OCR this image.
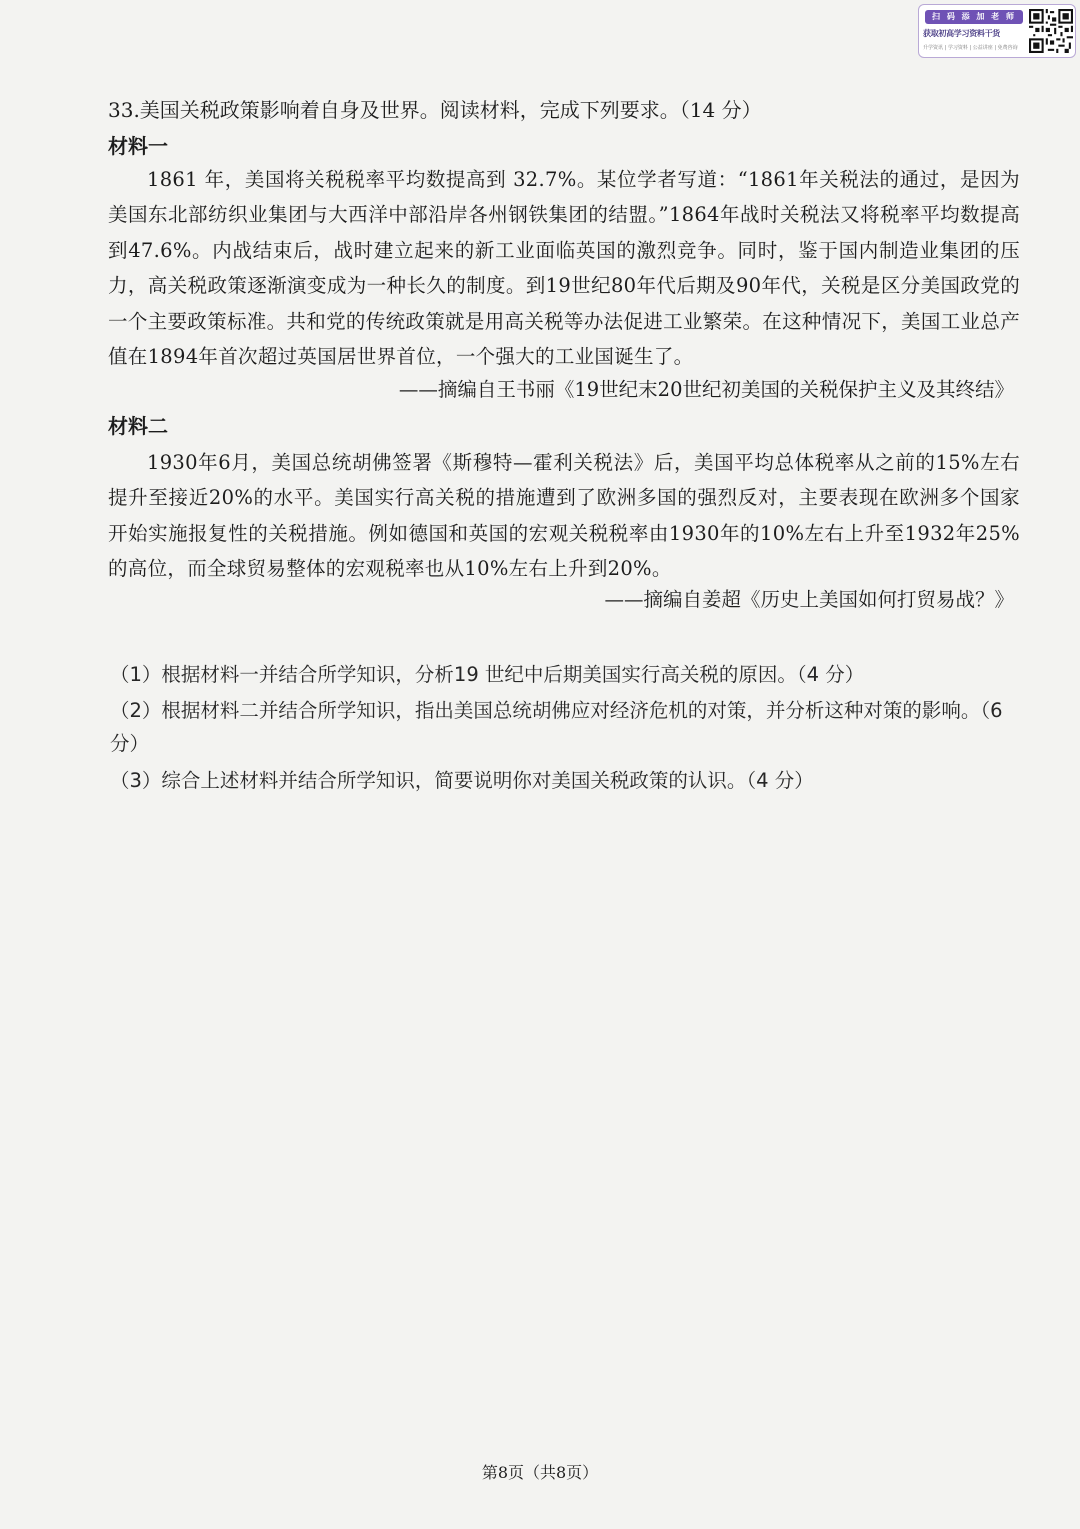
扫 码 添 加 老 师
获取初高学习资料干货
升学资讯 | 学习资料 | 公益讲座 | 免费咨询
33.美国关税政策影响着自身及世界。阅读材料，完成下列要求。（14 分）
材料一
1861 年，美国将关税税率平均数提高到 32.7%。某位学者写道：“1861年关税法的通过，是因为美国东北部纺织业集团与大西洋中部沿岸各州钢铁集团的结盟。”1864年战时关税法又将税率平均数提高到47.6%。内战结束后，战时建立起来的新工业面临英国的激烈竞争。同时，鉴于国内制造业集团的压力，高关税政策逐渐演变成为一种长久的制度。到19世纪80年代后期及90年代，关税是区分美国政党的一个主要政策标准。共和党的传统政策就是用高关税等办法促进工业繁荣。在这种情况下，美国工业总产值在1894年首次超过英国居世界首位，一个强大的工业国诞生了。
——摘编自王书丽《19世纪末20世纪初美国的关税保护主义及其终结》
材料二
1930年6月，美国总统胡佛签署《斯穆特—霍利关税法》后，美国平均总体税率从之前的15%左右提升至接近20%的水平。美国实行高关税的措施遭到了欧洲多国的强烈反对，主要表现在欧洲多个国家开始实施报复性的关税措施。例如德国和英国的宏观关税税率由1930年的10%左右上升至1932年25%的高位，而全球贸易整体的宏观税率也从10%左右上升到20%。
——摘编自姜超《历史上美国如何打贸易战？》
（1）根据材料一并结合所学知识，分析19 世纪中后期美国实行高关税的原因。（4 分）
（2）根据材料二并结合所学知识，指出美国总统胡佛应对经济危机的对策，并分析这种对策的影响。（6分）
（3）综合上述材料并结合所学知识，简要说明你对美国关税政策的认识。（4 分）
第8页（共8页）
